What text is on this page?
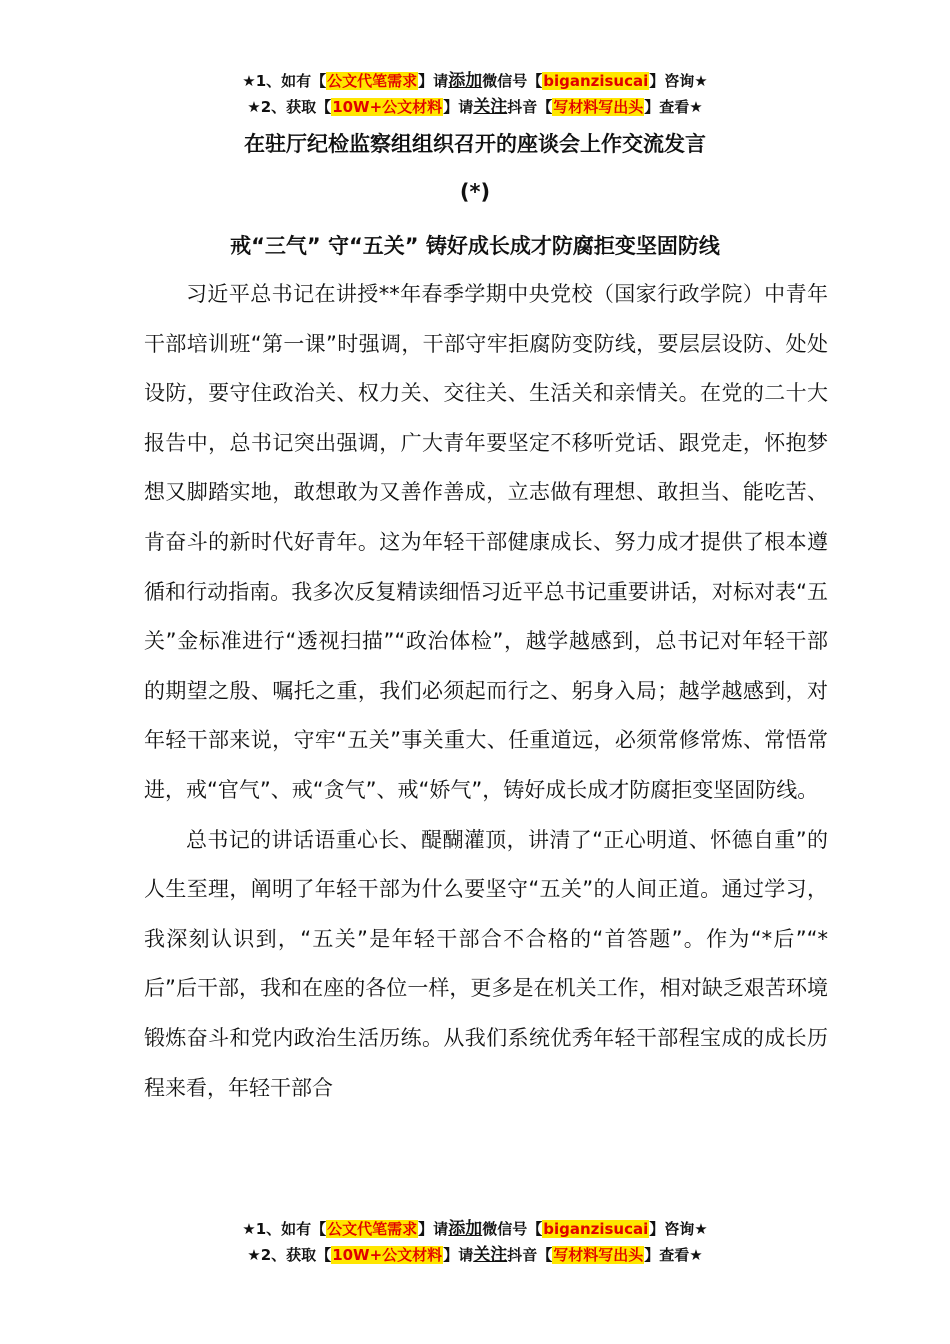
★1、如有【公文代笔需求】请添加微信号【biganzisucai】咨询★
★2、获取【10W+公文材料】请关注抖音【写材料写出头】查看★
在驻厅纪检监察组组织召开的座谈会上作交流发言
(*)
戒“三气” 守“五关” 铸好成长成才防腐拒变坚固防线

习近平总书记在讲授**年春季学期中央党校（国家行政学院）中青年干部培训班“第一课”时强调，干部守牢拒腐防变防线，要层层设防、处处设防，要守住政治关、权力关、交往关、生活关和亲情关。在党的二十大报告中，总书记突出强调，广大青年要坚定不移听党话、跟党走，怀抱梦想又脚踏实地，敢想敢为又善作善成，立志做有理想、敢担当、能吃苦、肯奋斗的新时代好青年。这为年轻干部健康成长、努力成才提供了根本遵循和行动指南。我多次反复精读细悟习近平总书记重要讲话，对标对表“五关”金标准进行“透视扫描”“政治体检”，越学越感到，总书记对年轻干部的期望之殷、嘱托之重，我们必须起而行之、躬身入局；越学越感到，对年轻干部来说，守牢“五关”事关重大、任重道远，必须常修常炼、常悟常进，戒“官气”、戒“贪气”、戒“娇气”，铸好成长成才防腐拒变坚固防线。

总书记的讲话语重心长、醍醐灌顶，讲清了“正心明道、怀德自重”的人生至理，阐明了年轻干部为什么要坚守“五关”的人间正道。通过学习，我深刻认识到，“五关”是年轻干部合不合格的“首答题”。作为“*后”“*后”后干部，我和在座的各位一样，更多是在机关工作，相对缺乏艰苦环境锻炼奋斗和党内政治生活历练。从我们系统优秀年轻干部程宝成的成长历程来看，年轻干部合

★1、如有【公文代笔需求】请添加微信号【biganzisucai】咨询★
★2、获取【10W+公文材料】请关注抖音【写材料写出头】查看★
